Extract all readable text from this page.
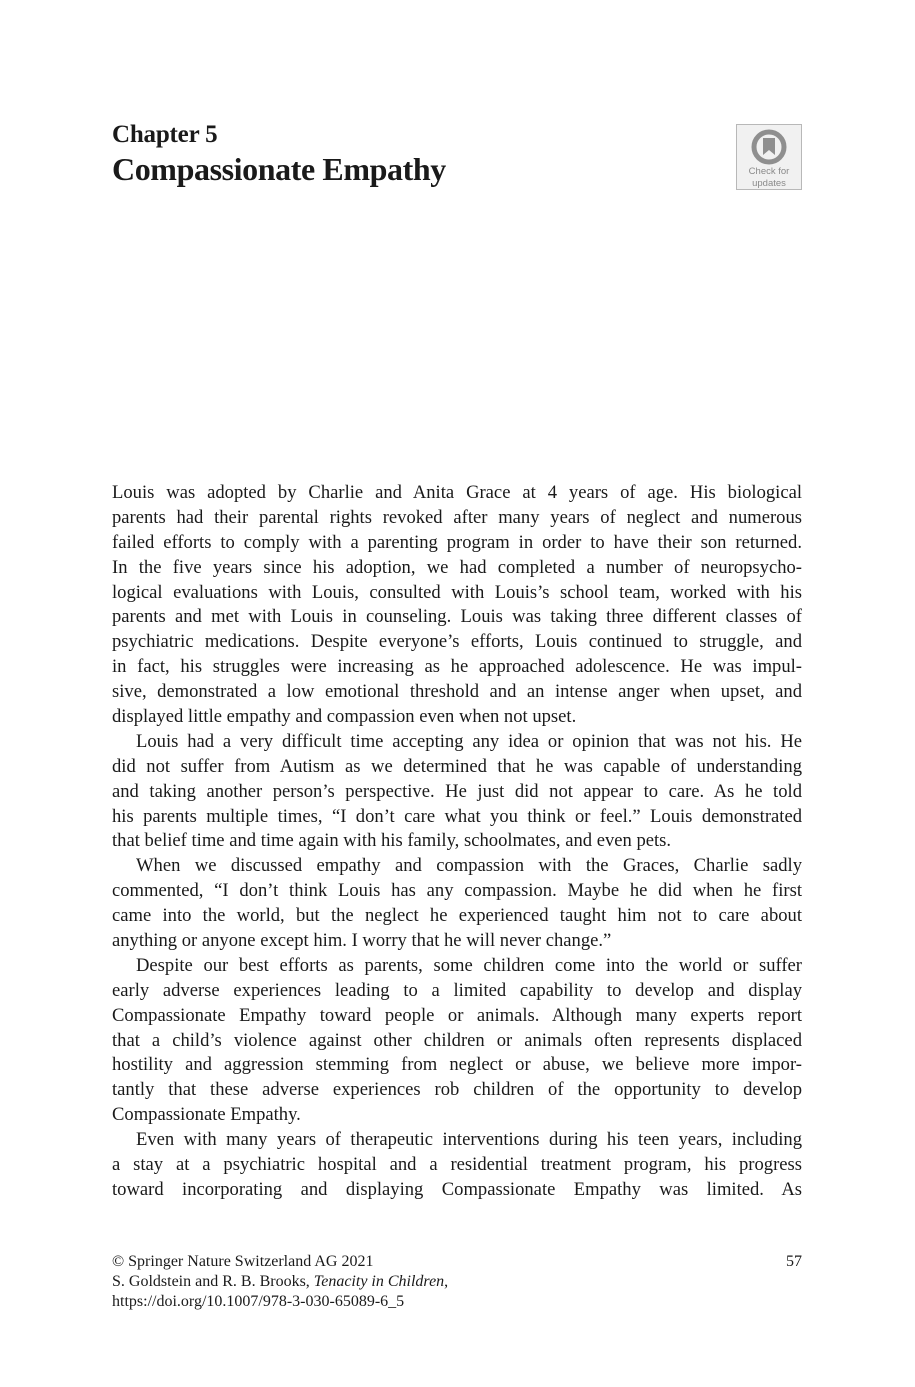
Chapter 5
Compassionate Empathy	Check for
updates
Louis was adopted by Charlie and Anita Grace at 4 years of age. His biological
parents had their parental rights revoked after many years of neglect and numerous
failed efforts to comply with a parenting program in order to have their son returned.
In the five years since his adoption, we had completed a number of neuropsycho-
logical evaluations with Louis, consulted with Louis’s school team, worked with his
parents and met with Louis in counseling. Louis was taking three different classes of
psychiatric medications. Despite everyone’s efforts, Louis continued to struggle, and
in fact, his struggles were increasing as he approached adolescence. He was impul-
sive, demonstrated a low emotional threshold and an intense anger when upset, and
displayed little empathy and compassion even when not upset.
Louis had a very difficult time accepting any idea or opinion that was not his. He
did not suffer from Autism as we determined that he was capable of understanding
and taking another person’s perspective. He just did not appear to care. As he told
his parents multiple times, “I don’t care what you think or feel.” Louis demonstrated
that belief time and time again with his family, schoolmates, and even pets.
When we discussed empathy and compassion with the Graces, Charlie sadly
commented, “I don’t think Louis has any compassion. Maybe he did when he first
came into the world, but the neglect he experienced taught him not to care about
anything or anyone except him. I worry that he will never change.”
Despite our best efforts as parents, some children come into the world or suffer
early adverse experiences leading to a limited capability to develop and display
Compassionate Empathy toward people or animals. Although many experts report
that a child’s violence against other children or animals often represents displaced
hostility and aggression stemming from neglect or abuse, we believe more impor-
tantly that these adverse experiences rob children of the opportunity to develop
Compassionate Empathy.
Even with many years of therapeutic interventions during his teen years, including
a stay at a psychiatric hospital and a residential treatment program, his progress
toward incorporating and displaying Compassionate Empathy was limited. As
© Springer Nature Switzerland AG 2021	57
S. Goldstein and R. B. Brooks, Tenacity in Children,
https://doi.org/10.1007/978-3-030-65089-6_5
